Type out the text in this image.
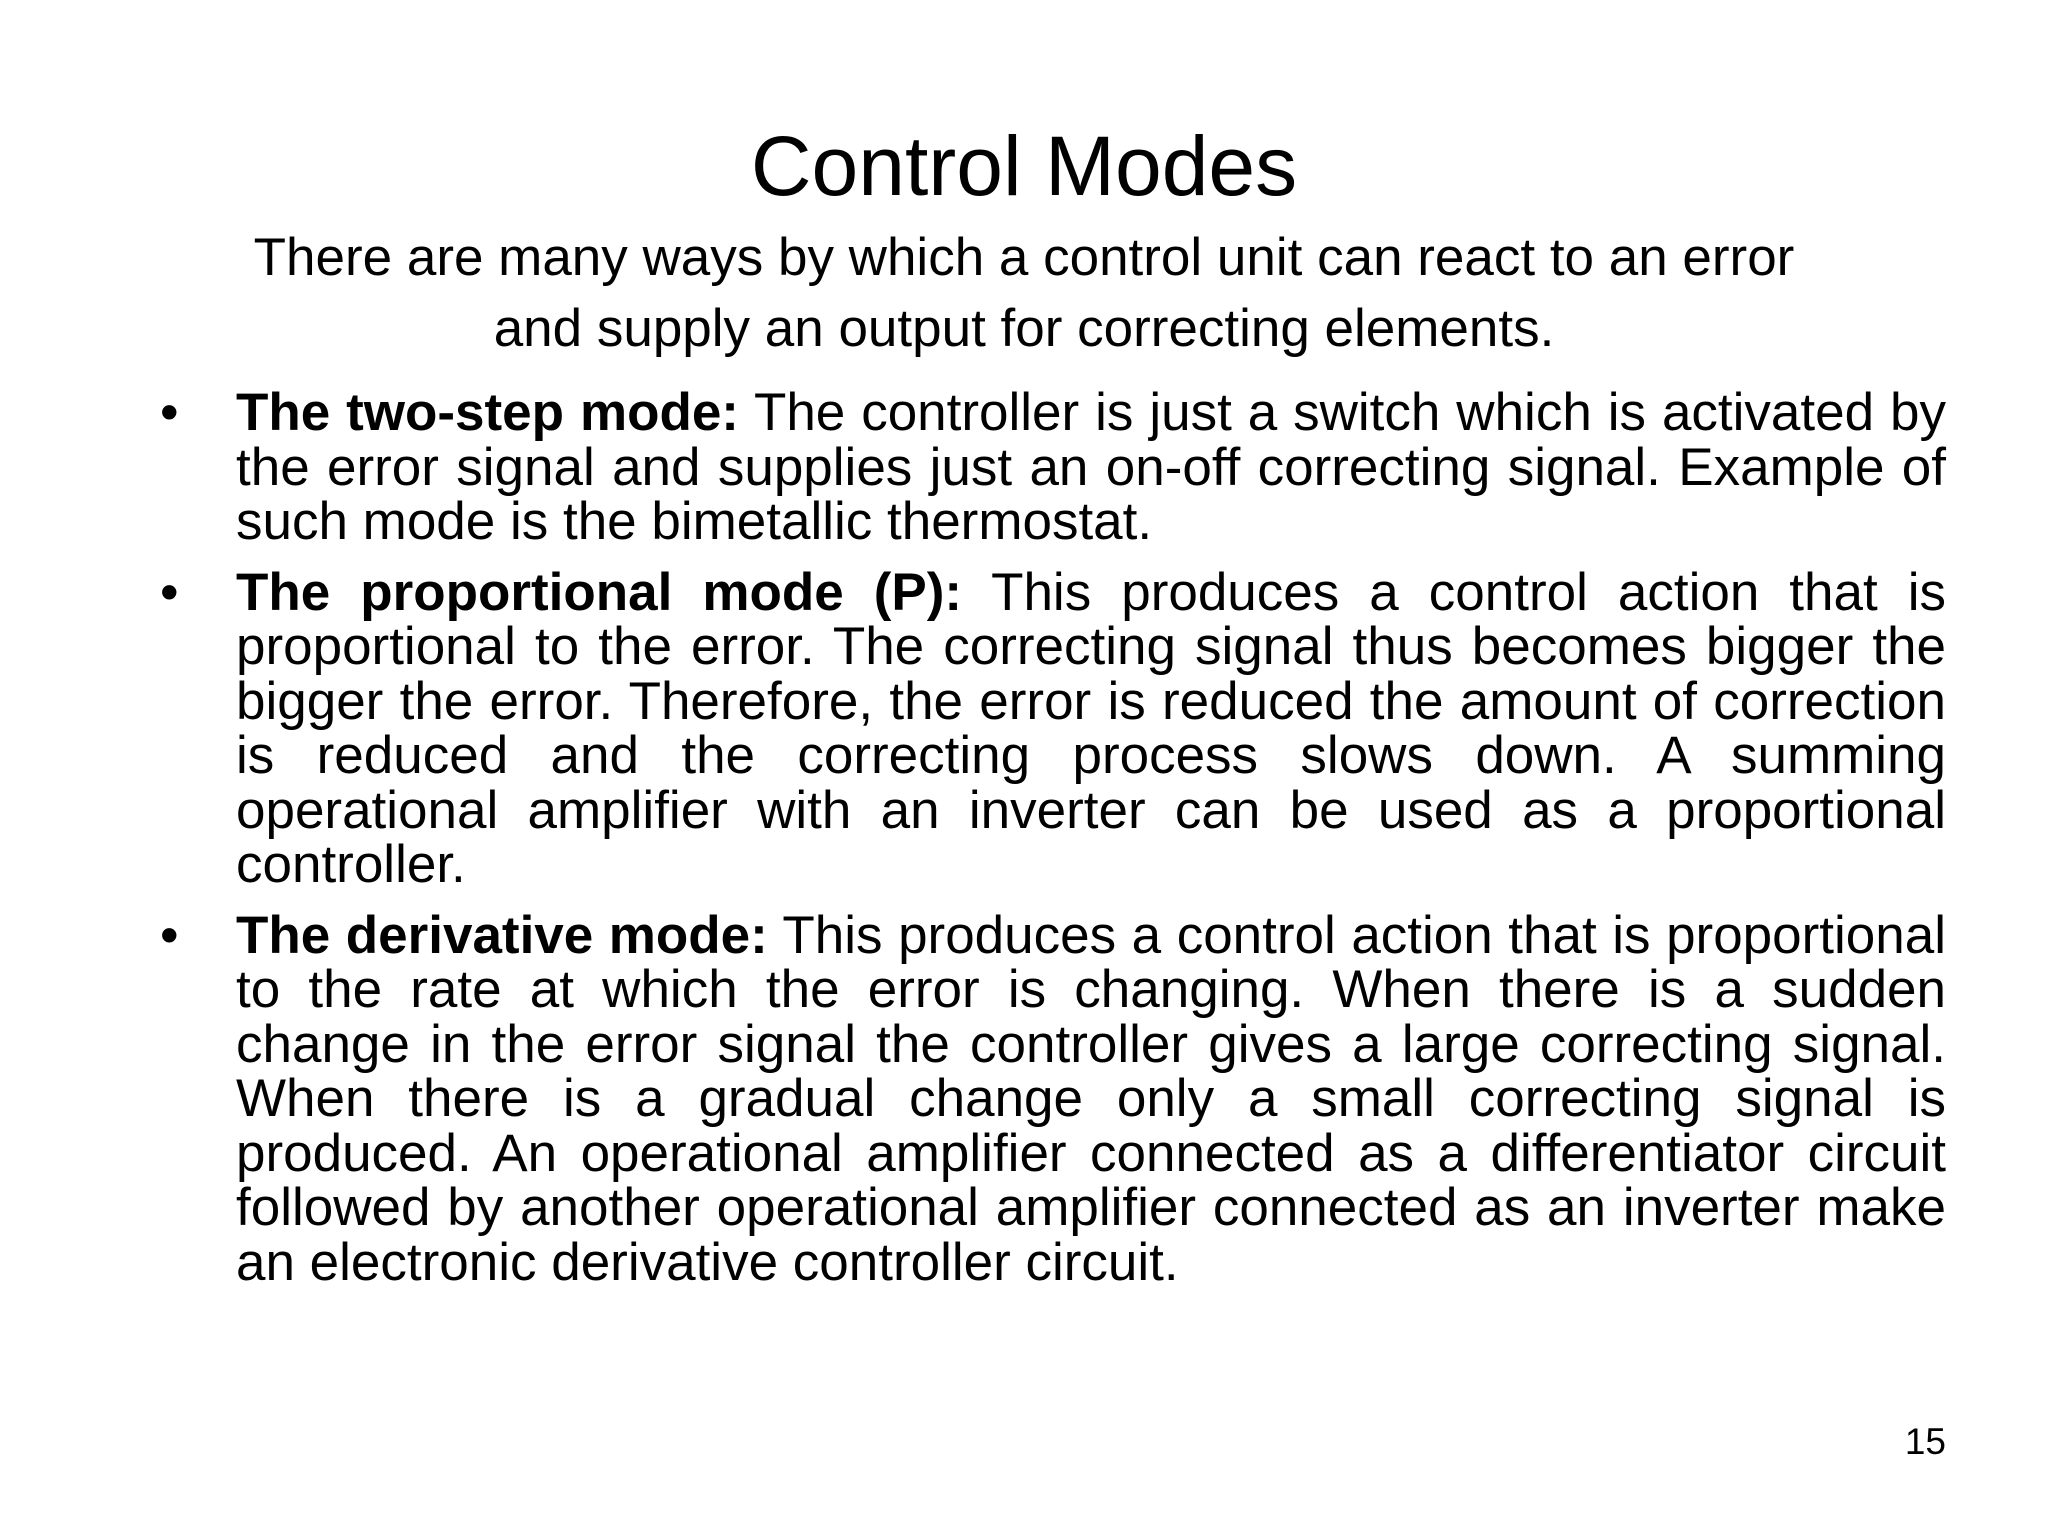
Control Modes
There are many ways by which a control unit can react to an error
and supply an output for correcting elements.
• The two-step mode: The controller is just a switch which is activated by the error signal and supplies just an on-off correcting signal. Example of such mode is the bimetallic thermostat.
• The proportional mode (P): This produces a control action that is proportional to the error. The correcting signal thus becomes bigger the bigger the error. Therefore, the error is reduced the amount of correction is reduced and the correcting process slows down. A summing operational amplifier with an inverter can be used as a proportional controller.
• The derivative mode: This produces a control action that is proportional to the rate at which the error is changing. When there is a sudden change in the error signal the controller gives a large correcting signal. When there is a gradual change only a small correcting signal is produced. An operational amplifier connected as a differentiator circuit followed by another operational amplifier connected as an inverter make an electronic derivative controller circuit.
15
